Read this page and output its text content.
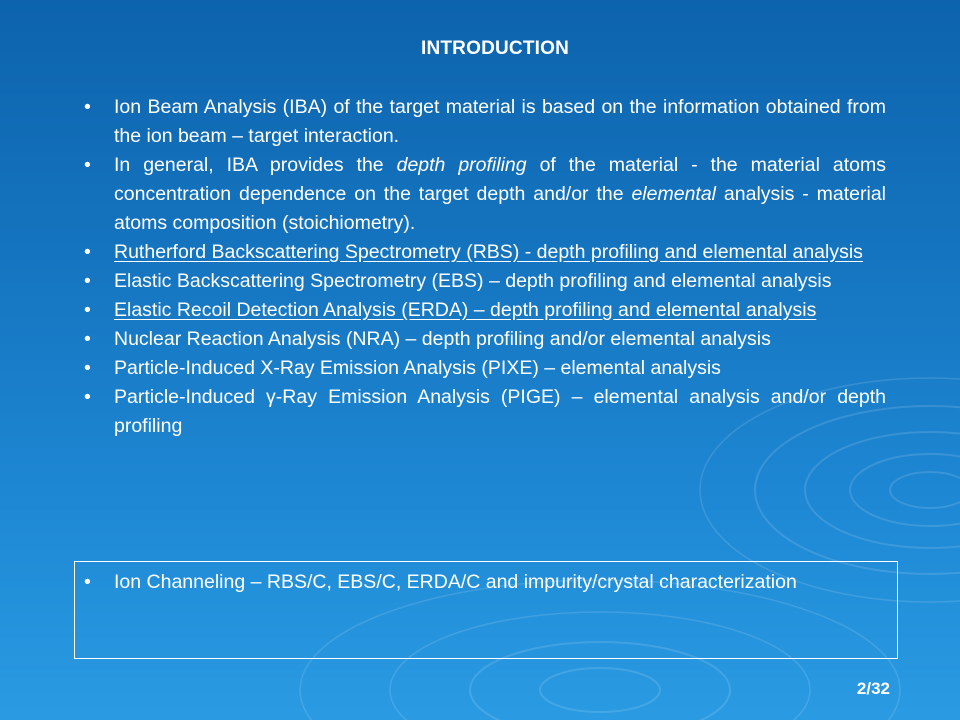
INTRODUCTION
• Ion Beam Analysis (IBA) of the target material is based on the information obtained from the ion beam – target interaction.
• In general, IBA provides the depth profiling of the material - the material atoms concentration dependence on the target depth and/or the elemental analysis - material atoms composition (stoichiometry).
• Rutherford Backscattering Spectrometry (RBS) - depth profiling and elemental analysis
• Elastic Backscattering Spectrometry (EBS) – depth profiling and elemental analysis
• Elastic Recoil Detection Analysis (ERDA) – depth profiling and elemental analysis
• Nuclear Reaction Analysis (NRA) – depth profiling and/or elemental analysis
• Particle-Induced X-Ray Emission Analysis (PIXE) – elemental analysis
• Particle-Induced γ-Ray Emission Analysis (PIGE) – elemental analysis and/or depth profiling
• Ion Channeling – RBS/C, EBS/C, ERDA/C and impurity/crystal characterization
2/32
